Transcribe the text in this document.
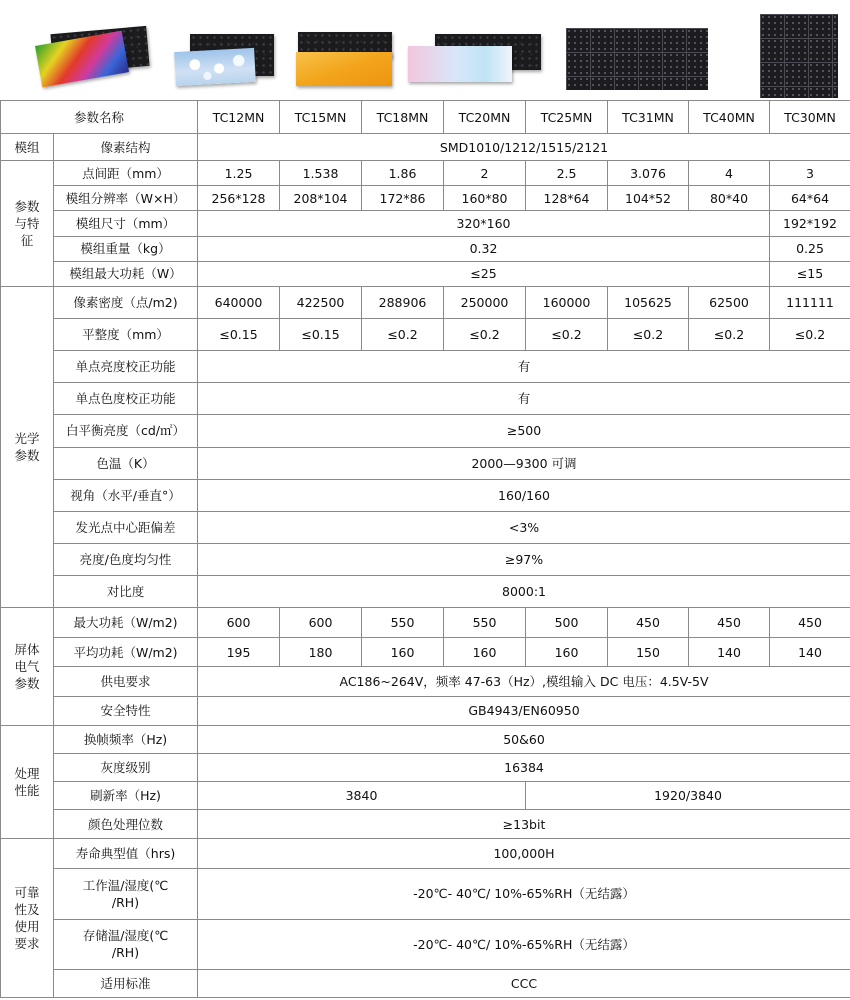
参数名称		TC12MN	TC15MN	TC18MN	TC20MN	TC25MN	TC31MN	TC40MN	TC30MN
模组	像素结构	SMD1010/1212/1515/2121							
参数
与特
征	点间距（mm）	1.25	1.538	1.86	2	2.5	3.076	4	3
	模组分辨率（W×H）	256*128	208*104	172*86	160*80	128*64	104*52	80*40	64*64
	模组尺寸（mm）	320*160							192*192
	模组重量（kg）	0.32							0.25
	模组最大功耗（W）	≤25							≤15
光学
参数	像素密度（点/m2)	640000	422500	288906	250000	160000	105625	62500	111111
	平整度（mm）	≤0.15	≤0.15	≤0.2	≤0.2	≤0.2	≤0.2	≤0.2	≤0.2
	单点亮度校正功能	有							
	单点色度校正功能	有							
	白平衡亮度（cd/㎡）	≥500							
	色温（K）	2000—9300 可调							
	视角（水平/垂直°）	160/160							
	发光点中心距偏差	<3%							
	亮度/色度均匀性	≥97%							
	对比度	8000:1							
屏体
电气
参数	最大功耗（W/m2)	600	600	550	550	500	450	450	450
	平均功耗（W/m2)	195	180	160	160	160	150	140	140
	供电要求	AC186~264V，频率 47-63（Hz）,模组输入 DC 电压：4.5V-5V							
	安全特性	GB4943/EN60950							
处理
性能	换帧频率（Hz)	50&60							
	灰度级别	16384							
	刷新率（Hz)	3840				1920/3840			
	颜色处理位数	≥13bit							
可靠
性及
使用
要求	寿命典型值（hrs)	100,000H							
	工作温/湿度(℃
/RH)	-20℃- 40℃/ 10%-65%RH（无结露）							
	存储温/湿度(℃
/RH)	-20℃- 40℃/ 10%-65%RH（无结露）							
	适用标准	CCC							
